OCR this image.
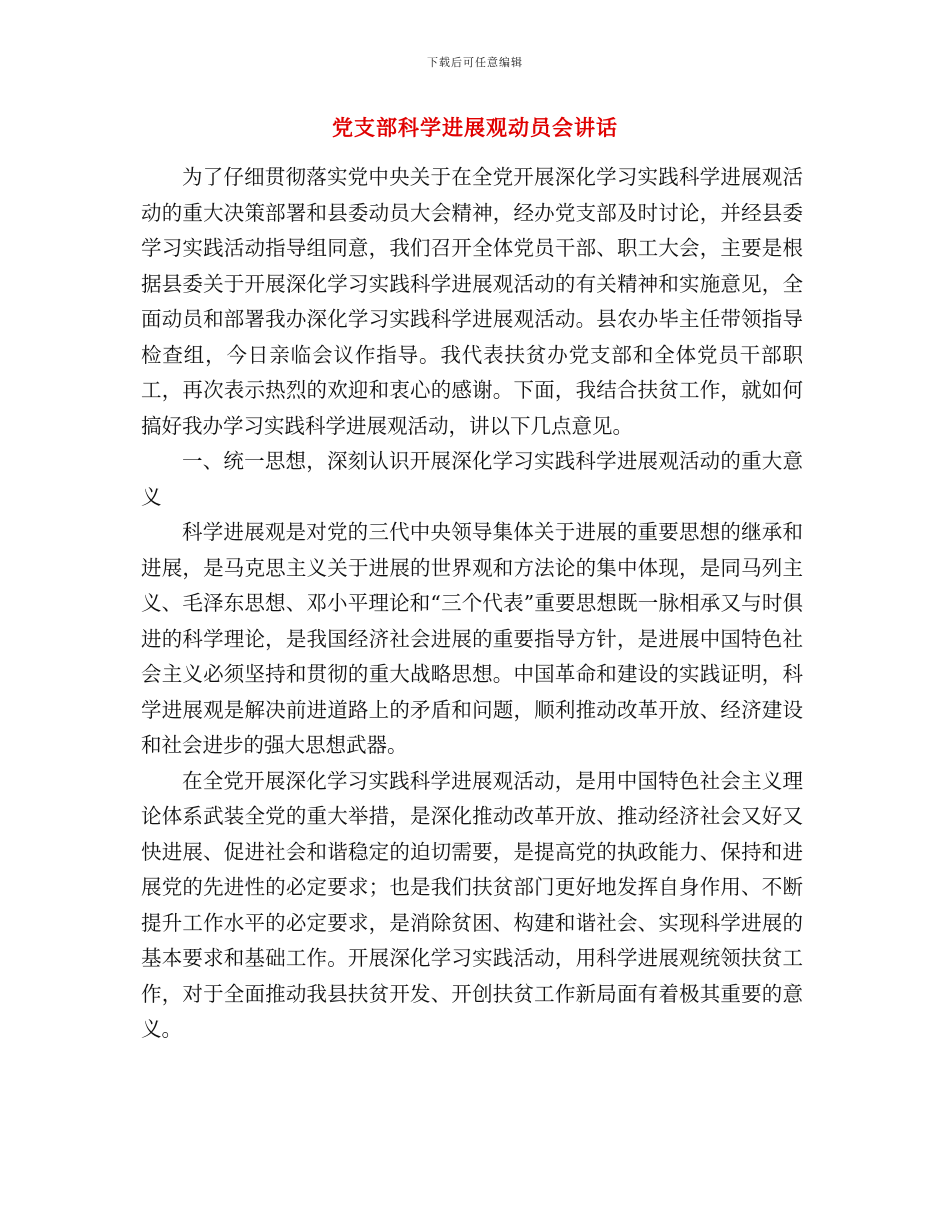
下载后可任意编辑
党支部科学进展观动员会讲话

为了仔细贯彻落实党中央关于在全党开展深化学习实践科学进展观活动的重大决策部署和县委动员大会精神，经办党支部及时讨论，并经县委学习实践活动指导组同意，我们召开全体党员干部、职工大会，主要是根据县委关于开展深化学习实践科学进展观活动的有关精神和实施意见，全面动员和部署我办深化学习实践科学进展观活动。县农办毕主任带领指导检查组，今日亲临会议作指导。我代表扶贫办党支部和全体党员干部职工，再次表示热烈的欢迎和衷心的感谢。下面，我结合扶贫工作，就如何搞好我办学习实践科学进展观活动，讲以下几点意见。

一、统一思想，深刻认识开展深化学习实践科学进展观活动的重大意义

科学进展观是对党的三代中央领导集体关于进展的重要思想的继承和进展，是马克思主义关于进展的世界观和方法论的集中体现，是同马列主义、毛泽东思想、邓小平理论和“三个代表”重要思想既一脉相承又与时俱进的科学理论，是我国经济社会进展的重要指导方针，是进展中国特色社会主义必须坚持和贯彻的重大战略思想。中国革命和建设的实践证明，科学进展观是解决前进道路上的矛盾和问题，顺利推动改革开放、经济建设和社会进步的强大思想武器。

在全党开展深化学习实践科学进展观活动，是用中国特色社会主义理论体系武装全党的重大举措，是深化推动改革开放、推动经济社会又好又快进展、促进社会和谐稳定的迫切需要，是提高党的执政能力、保持和进展党的先进性的必定要求；也是我们扶贫部门更好地发挥自身作用、不断提升工作水平的必定要求，是消除贫困、构建和谐社会、实现科学进展的基本要求和基础工作。开展深化学习实践活动，用科学进展观统领扶贫工作，对于全面推动我县扶贫开发、开创扶贫工作新局面有着极其重要的意义。
